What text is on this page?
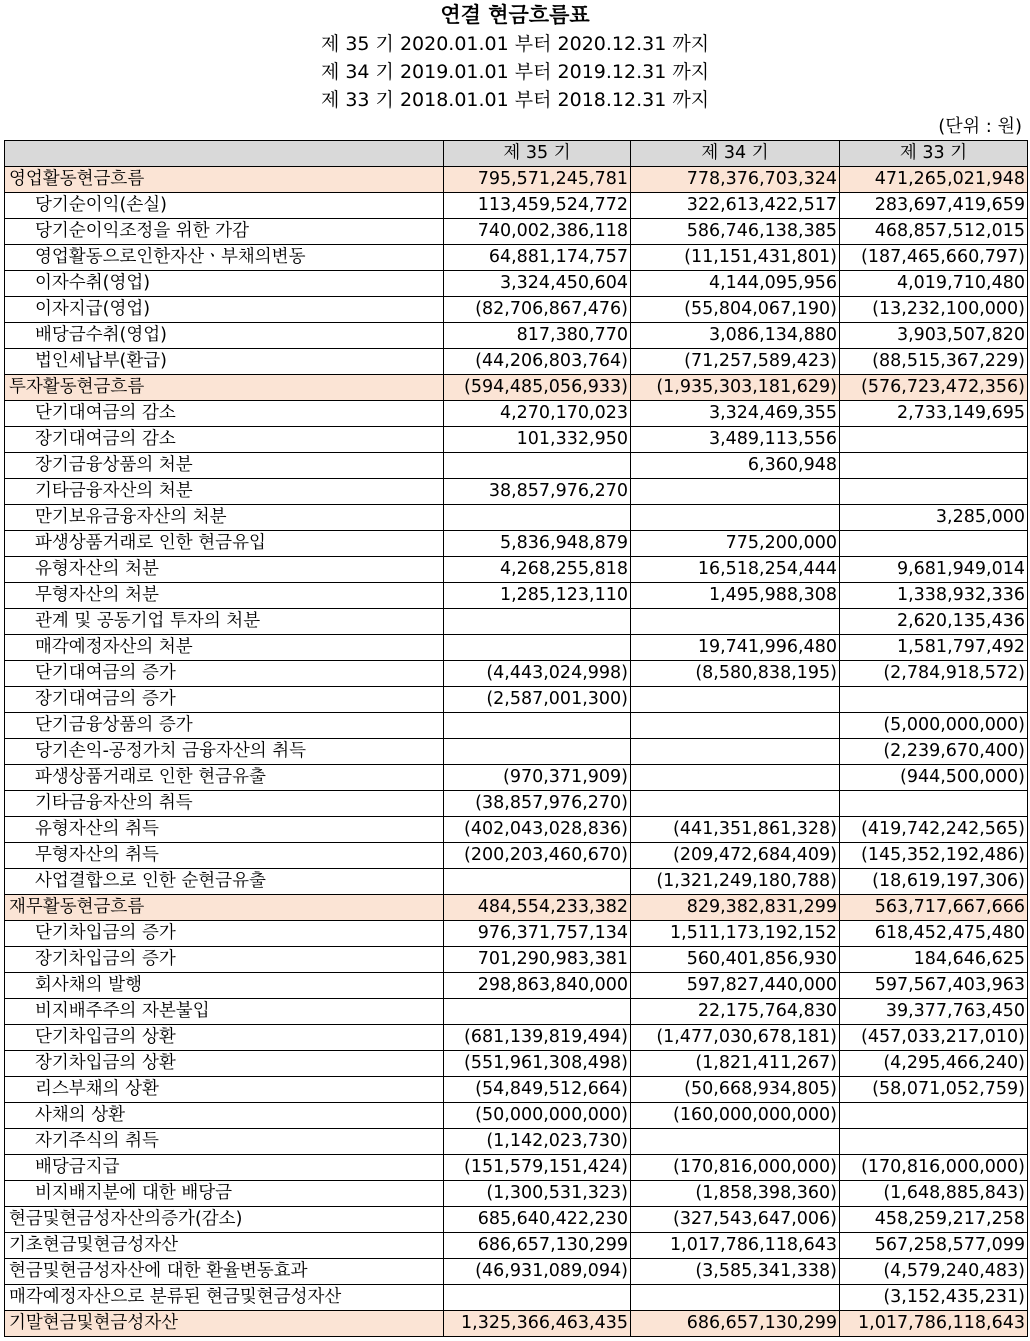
연결 현금흐름표
제 35 기 2020.01.01 부터 2020.12.31 까지
제 34 기 2019.01.01 부터 2019.12.31 까지
제 33 기 2018.01.01 부터 2018.12.31 까지
(단위 : 원)
	제 35 기	제 34 기	제 33 기
영업활동현금흐름	795,571,245,781	778,376,703,324	471,265,021,948
당기순이익(손실)	113,459,524,772	322,613,422,517	283,697,419,659
당기순이익조정을 위한 가감	740,002,386,118	586,746,138,385	468,857,512,015
영업활동으로인한자산ㆍ부채의변동	64,881,174,757	(11,151,431,801)	(187,465,660,797)
이자수취(영업)	3,324,450,604	4,144,095,956	4,019,710,480
이자지급(영업)	(82,706,867,476)	(55,804,067,190)	(13,232,100,000)
배당금수취(영업)	817,380,770	3,086,134,880	3,903,507,820
법인세납부(환급)	(44,206,803,764)	(71,257,589,423)	(88,515,367,229)
투자활동현금흐름	(594,485,056,933)	(1,935,303,181,629)	(576,723,472,356)
단기대여금의 감소	4,270,170,023	3,324,469,355	2,733,149,695
장기대여금의 감소	101,332,950	3,489,113,556	
장기금융상품의 처분		6,360,948	
기타금융자산의 처분	38,857,976,270		
만기보유금융자산의 처분			3,285,000
파생상품거래로 인한 현금유입	5,836,948,879	775,200,000	
유형자산의 처분	4,268,255,818	16,518,254,444	9,681,949,014
무형자산의 처분	1,285,123,110	1,495,988,308	1,338,932,336
관계 및 공동기업 투자의 처분			2,620,135,436
매각예정자산의 처분		19,741,996,480	1,581,797,492
단기대여금의 증가	(4,443,024,998)	(8,580,838,195)	(2,784,918,572)
장기대여금의 증가	(2,587,001,300)		
단기금융상품의 증가			(5,000,000,000)
당기손익-공정가치 금융자산의 취득			(2,239,670,400)
파생상품거래로 인한 현금유출	(970,371,909)		(944,500,000)
기타금융자산의 취득	(38,857,976,270)		
유형자산의 취득	(402,043,028,836)	(441,351,861,328)	(419,742,242,565)
무형자산의 취득	(200,203,460,670)	(209,472,684,409)	(145,352,192,486)
사업결합으로 인한 순현금유출		(1,321,249,180,788)	(18,619,197,306)
재무활동현금흐름	484,554,233,382	829,382,831,299	563,717,667,666
단기차입금의 증가	976,371,757,134	1,511,173,192,152	618,452,475,480
장기차입금의 증가	701,290,983,381	560,401,856,930	184,646,625
회사채의 발행	298,863,840,000	597,827,440,000	597,567,403,963
비지배주주의 자본불입		22,175,764,830	39,377,763,450
단기차입금의 상환	(681,139,819,494)	(1,477,030,678,181)	(457,033,217,010)
장기차입금의 상환	(551,961,308,498)	(1,821,411,267)	(4,295,466,240)
리스부채의 상환	(54,849,512,664)	(50,668,934,805)	(58,071,052,759)
사채의 상환	(50,000,000,000)	(160,000,000,000)	
자기주식의 취득	(1,142,023,730)		
배당금지급	(151,579,151,424)	(170,816,000,000)	(170,816,000,000)
비지배지분에 대한 배당금	(1,300,531,323)	(1,858,398,360)	(1,648,885,843)
현금및현금성자산의증가(감소)	685,640,422,230	(327,543,647,006)	458,259,217,258
기초현금및현금성자산	686,657,130,299	1,017,786,118,643	567,258,577,099
현금및현금성자산에 대한 환율변동효과	(46,931,089,094)	(3,585,341,338)	(4,579,240,483)
매각예정자산으로 분류된 현금및현금성자산			(3,152,435,231)
기말현금및현금성자산	1,325,366,463,435	686,657,130,299	1,017,786,118,643
